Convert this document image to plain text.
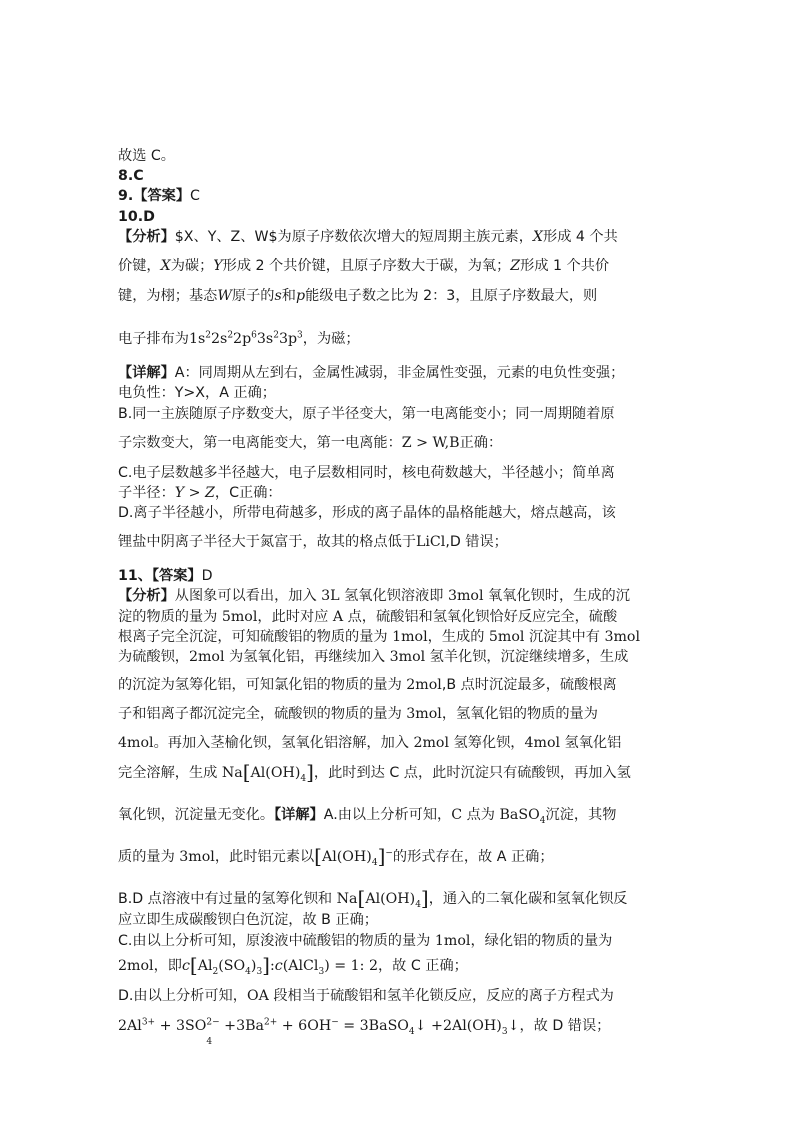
故选 C。
8.C
9.【答案】C
10.D
【分析】$X、Y、Z、W$为原子序数依次增大的短周期主族元素，X形成 4 个共
价键，X为碳；Y形成 2 个共价键，且原子序数大于碳，为氧；Z形成 1 个共价
键，为栩；基态W原子的s和p能级电子数之比为 2：3，且原子序数最大，则
电子排布为$1s^22s^22p^63s^23p^3$，为磁；
【详解】A：同周期从左到右，金属性减弱，非金属性变强，元素的电负性变强；
电负性：Y>X，A 正确；
B.同一主族随原子序数变大，原子半径变大，第一电离能变小；同一周期随着原
子宗数变大，第一电离能变大，第一电离能：Z > W,B正确：
C.电子层数越多半径越大，电子层数相同时，核电荷数越大，半径越小；简单离
子半径：Y > Z，C正确：
D.离子半径越小，所带电荷越多，形成的离子晶体的晶格能越大，熔点越高，该
锂盐中阴离子半径大于氮富于，故其的格点低于LiCl,D 错误；
11、【答案】D
【分析】从图象可以看出，加入 3L 氢氧化钡溶液即 3mol 氧氧化钡时，生成的沉
淀的物质的量为 5mol，此时对应 A 点，硫酸铝和氢氧化钡恰好反应完全，硫酸
根离子完全沉淀，可知硫酸铝的物质的量为 1mol，生成的 5mol 沉淀其中有 3mol
为硫酸钡，2mol 为氢氧化铝，再继续加入 3mol 氢羊化钡，沉淀继续增多，生成
的沉淀为氢筹化铝，可知氯化铝的物质的量为 2mol,B 点时沉淀最多，硫酸根离
子和铝离子都沉淀完全，硫酸钡的物质的量为 3mol，氢氧化铝的物质的量为
4mol。再加入茎榆化钡，氢氧化铝溶解，加入 2mol 氢筹化钡，4mol 氢氧化铝
完全溶解，生成 $Na[Al(OH)_4]$，此时到达 C 点，此时沉淀只有硫酸钡，再加入氢
氧化钡，沉淀量无变化。【详解】A.由以上分析可知，C 点为 BaSO$_4$沉淀，其物
质的量为 3mol，此时铝元素以$[Al(OH)_4]^-$的形式存在，故 A 正确；
B.D 点溶液中有过量的氢筹化钡和 $Na[Al(OH)_4]$，通入的二氧化碳和氢氧化钡反
应立即生成碳酸钡白色沉淀，故 B 正确；
C.由以上分析可知，原浚液中硫酸铝的物质的量为 1mol，绿化铝的物质的量为
2mol，即$c[Al_2(SO_4)_3]:c(AlCl_3) = 1$: 2，故 C 正确；
D.由以上分析可知，OA 段相当于硫酸铝和氢羊化锁反应，反应的离子方程式为
$2Al^{3+} + 3SO^{2-}$
4
$+3Ba^{2+} + 6OH^-$ = 3BaSO$_4$↓ $+2Al(OH)_3↓$，故 D 错误；
